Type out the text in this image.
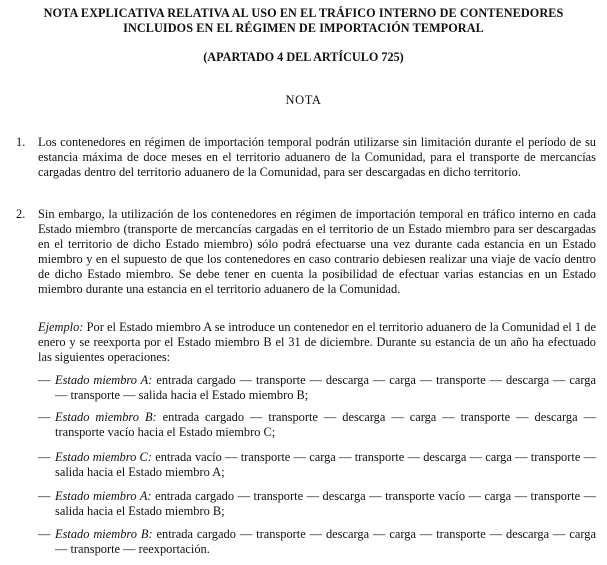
NOTA EXPLICATIVA RELATIVA AL USO EN EL TRÁFICO INTERNO DE CONTENEDORES INCLUIDOS EN EL RÉGIMEN DE IMPORTACIÓN TEMPORAL
(APARTADO 4 DEL ARTÍCULO 725)
NOTA
1. Los contenedores en régimen de importación temporal podrán utilizarse sin limitación durante el período de su estancia máxima de doce meses en el territorio aduanero de la Comunidad, para el transporte de mercancías cargadas dentro del territorio aduanero de la Comunidad, para ser descargadas en dicho territorio.
2. Sin embargo, la utilización de los contenedores en régimen de importación temporal en tráfico interno en cada Estado miembro (transporte de mercancías cargadas en el territorio de un Estado miembro para ser descargadas en el territorio de dicho Estado miembro) sólo podrá efectuarse una vez durante cada estancia en un Estado miembro y en el supuesto de que los contenedores en caso contrario debiesen realizar una viaje de vacío dentro de dicho Estado miembro. Se debe tener en cuenta la posibilidad de efectuar varias estancias en un Estado miembro durante una estancia en el territorio aduanero de la Comunidad.
Ejemplo: Por el Estado miembro A se introduce un contenedor en el territorio aduanero de la Comunidad el 1 de enero y se reexporta por el Estado miembro B el 31 de diciembre. Durante su estancia de un año ha efectuado las siguientes operaciones:
— Estado miembro A: entrada cargado — transporte — descarga — carga — transporte — descarga — carga — transporte — salida hacia el Estado miembro B;
— Estado miembro B: entrada cargado — transporte — descarga — carga — transporte — descarga — transporte vacío hacia el Estado miembro C;
— Estado miembro C: entrada vacío — transporte — carga — transporte — descarga — carga — transporte — salida hacia el Estado miembro A;
— Estado miembro A: entrada cargado — transporte — descarga — transporte vacío — carga — transporte — salida hacia el Estado miembro B;
— Estado miembro B: entrada cargado — transporte — descarga — carga — transporte — descarga — carga — transporte — reexportación.
